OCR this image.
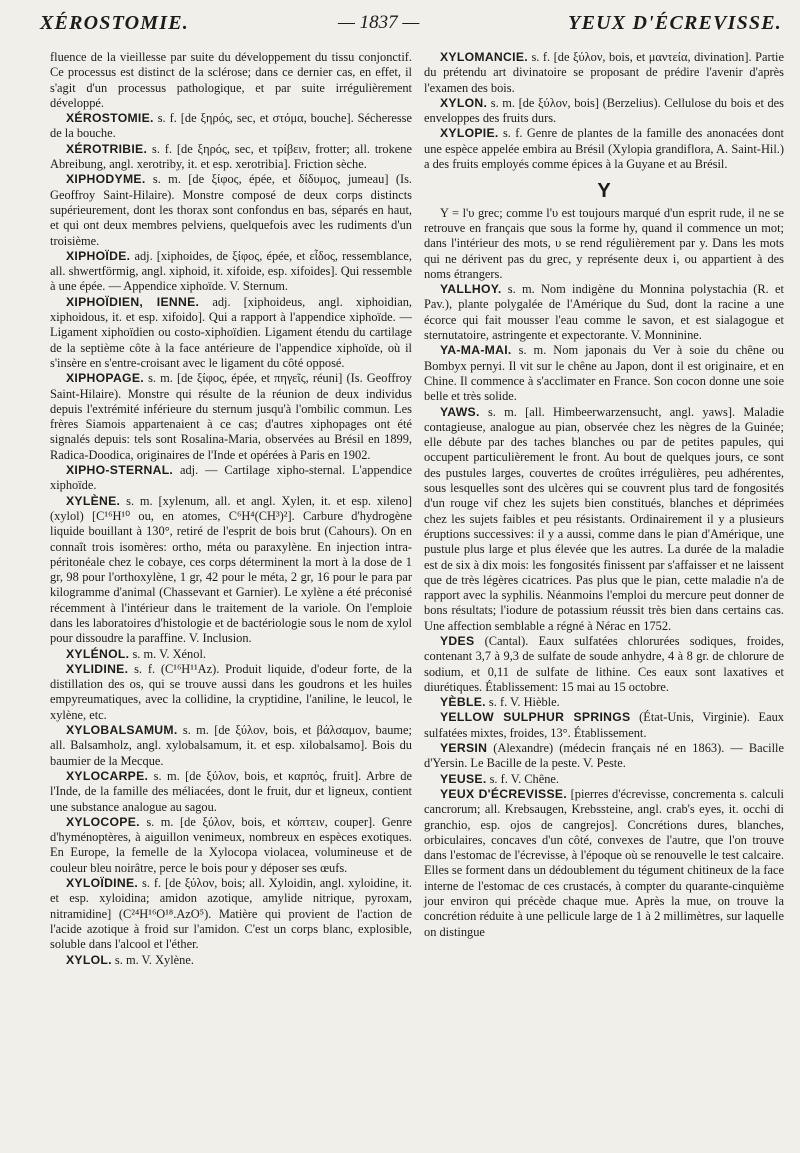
XÉROSTOMIE.	— 1837 —	YEUX D'ÉCREVISSE.

fluence de la vieillesse par suite du développement du tissu conjonctif. Ce processus est distinct de la sclérose; dans ce dernier cas, en effet, il s'agit d'un processus pathologique, et par suite irrégulièrement développé.

XÉROSTOMIE. s. f. [de ξηρός, sec, et στόμα, bouche]. Sécheresse de la bouche.

XÉROTRIBIE. s. f. [de ξηρός, sec, et τρίβειν, frotter; all. trokene Abreibung, angl. xerotriby, it. et esp. xerotribia]. Friction sèche.

XIPHODYME. s. m. [de ξίφος, épée, et δίδυμος, jumeau] (Is. Geoffroy Saint-Hilaire). Monstre composé de deux corps distincts supérieurement, dont les thorax sont confondus en bas, séparés en haut, et qui ont deux membres pelviens, quelquefois avec les rudiments d'un troisième.

XIPHOÏDE. adj. [xiphoides, de ξίφος, épée, et εἶδος, ressemblance, all. shwertförmig, angl. xiphoid, it. xifoide, esp. xifoides]. Qui ressemble à une épée. — Appendice xiphoïde. V. Sternum.

XIPHOÏDIEN, IENNE. adj. [xiphoideus, angl. xiphoidian, xiphoidous, it. et esp. xifoido]. Qui a rapport à l'appendice xiphoïde. — Ligament xiphoïdien ou costo-xiphoïdien. Ligament étendu du cartilage de la septième côte à la face antérieure de l'appendice xiphoïde, où il s'insère en s'entre-croisant avec le ligament du côté opposé.

XIPHOPAGE. s. m. [de ξίφος, épée, et πηγεῖς, réuni] (Is. Geoffroy Saint-Hilaire). Monstre qui résulte de la réunion de deux individus depuis l'extrémité inférieure du sternum jusqu'à l'ombilic commun. Les frères Siamois appartenaient à ce cas; d'autres xiphopages ont été signalés depuis: tels sont Rosalina-Maria, observées au Brésil en 1899, Radica-Doodica, originaires de l'Inde et opérées à Paris en 1902.

XIPHO-STERNAL. adj. — Cartilage xipho-sternal. L'appendice xiphoïde.

XYLÈNE. s. m. [xylenum, all. et angl. Xylen, it. et esp. xileno] (xylol) [C¹⁶H¹⁰ ou, en atomes, C⁶H⁴(CH³)²]. Carbure d'hydrogène liquide bouillant à 130°, retiré de l'esprit de bois brut (Cahours). On en connaît trois isomères: ortho, méta ou paraxylène. En injection intra-péritonéale chez le cobaye, ces corps déterminent la mort à la dose de 1 gr, 98 pour l'orthoxylène, 1 gr, 42 pour le méta, 2 gr, 16 pour le para par kilogramme d'animal (Chassevant et Garnier). Le xylène a été préconisé récemment à l'intérieur dans le traitement de la variole. On l'emploie dans les laboratoires d'histologie et de bactériologie sous le nom de xylol pour dissoudre la paraffine. V. Inclusion.

XYLÉNOL. s. m. V. Xénol.

XYLIDINE. s. f. (C¹⁶H¹¹Az). Produit liquide, d'odeur forte, de la distillation des os, qui se trouve aussi dans les goudrons et les huiles empyreumatiques, avec la collidine, la cryptidine, l'aniline, le leucol, le xylène, etc.

XYLOBALSAMUM. s. m. [de ξύλον, bois, et βάλσαμον, baume; all. Balsamholz, angl. xylobalsamum, it. et esp. xilobalsamo]. Bois du baumier de la Mecque.

XYLOCARPE. s. m. [de ξύλον, bois, et καρπός, fruit]. Arbre de l'Inde, de la famille des méliacées, dont le fruit, dur et ligneux, contient une substance analogue au sagou.

XYLOCOPE. s. m. [de ξύλον, bois, et κόπτειν, couper]. Genre d'hyménoptères, à aiguillon venimeux, nombreux en espèces exotiques. En Europe, la femelle de la Xylocopa violacea, volumineuse et de couleur bleu noirâtre, perce le bois pour y déposer ses œufs.

XYLOÏDINE. s. f. [de ξύλον, bois; all. Xyloidin, angl. xyloidine, it. et esp. xyloidina; amidon azotique, amylide nitrique, pyroxam, nitramidine] (C²⁴H¹⁶O¹⁸.AzO⁵). Matière qui provient de l'action de l'acide azotique à froid sur l'amidon. C'est un corps blanc, explosible, soluble dans l'alcool et l'éther.

XYLOL. s. m. V. Xylène.

XYLOMANCIE. s. f. [de ξύλον, bois, et μαντεία, divination]. Partie du prétendu art divinatoire se proposant de prédire l'avenir d'après l'examen des bois.

XYLON. s. m. [de ξύλον, bois] (Berzelius). Cellulose du bois et des enveloppes des fruits durs.

XYLOPIE. s. f. Genre de plantes de la famille des anonacées dont une espèce appelée embira au Brésil (Xylopia grandiflora, A. Saint-Hil.) a des fruits employés comme épices à la Guyane et au Brésil.

Y

Y = l'υ grec; comme l'υ est toujours marqué d'un esprit rude, il ne se retrouve en français que sous la forme hy, quand il commence un mot; dans l'intérieur des mots, υ se rend régulièrement par y. Dans les mots qui ne dérivent pas du grec, y représente deux i, ou appartient à des noms étrangers.

YALLHOY. s. m. Nom indigène du Monnina polystachia (R. et Pav.), plante polygalée de l'Amérique du Sud, dont la racine a une écorce qui fait mousser l'eau comme le savon, et est sialagogue et sternutatoire, astringente et expectorante. V. Monninine.

YA-MA-MAI. s. m. Nom japonais du Ver à soie du chêne ou Bombyx pernyi. Il vit sur le chêne au Japon, dont il est originaire, et en Chine. Il commence à s'acclimater en France. Son cocon donne une soie belle et très solide.

YAWS. s. m. [all. Himbeerwarzensucht, angl. yaws]. Maladie contagieuse, analogue au pian, observée chez les nègres de la Guinée; elle débute par des taches blanches ou par de petites papules, qui occupent particulièrement le front. Au bout de quelques jours, ce sont des pustules larges, couvertes de croûtes irrégulières, peu adhérentes, sous lesquelles sont des ulcères qui se couvrent plus tard de fongosités d'un rouge vif chez les sujets bien constitués, blanches et déprimées chez les sujets faibles et peu résistants. Ordinairement il y a plusieurs éruptions successives: il y a aussi, comme dans le pian d'Amérique, une pustule plus large et plus élevée que les autres. La durée de la maladie est de six à dix mois: les fongosités finissent par s'affaisser et ne laissent que de très légères cicatrices. Pas plus que le pian, cette maladie n'a de rapport avec la syphilis. Néanmoins l'emploi du mercure peut donner de bons résultats; l'iodure de potassium réussit très bien dans certains cas. Une affection semblable a régné à Nérac en 1752.

YDES (Cantal). Eaux sulfatées chlorurées sodiques, froides, contenant 3,7 à 9,3 de sulfate de soude anhydre, 4 à 8 gr. de chlorure de sodium, et 0,11 de sulfate de lithine. Ces eaux sont laxatives et diurétiques. Établissement: 15 mai au 15 octobre.

YÈBLE. s. f. V. Hièble.

YELLOW SULPHUR SPRINGS (État-Unis, Virginie). Eaux sulfatées mixtes, froides, 13°. Établissement.

YERSIN (Alexandre) (médecin français né en 1863). — Bacille d'Yersin. Le Bacille de la peste. V. Peste.

YEUSE. s. f. V. Chêne.

YEUX D'ÉCREVISSE. [pierres d'écrevisse, concrementa s. calculi cancrorum; all. Krebsaugen, Krebssteine, angl. crab's eyes, it. occhi di granchio, esp. ojos de cangrejos]. Concrétions dures, blanches, orbiculaires, concaves d'un côté, convexes de l'autre, que l'on trouve dans l'estomac de l'écrevisse, à l'époque où se renouvelle le test calcaire. Elles se forment dans un dédoublement du tégument chitineux de la face interne de l'estomac de ces crustacés, à compter du quarante-cinquième jour environ qui précède chaque mue. Après la mue, on trouve la concrétion réduite à une pellicule large de 1 à 2 millimètres, sur laquelle on distingue
